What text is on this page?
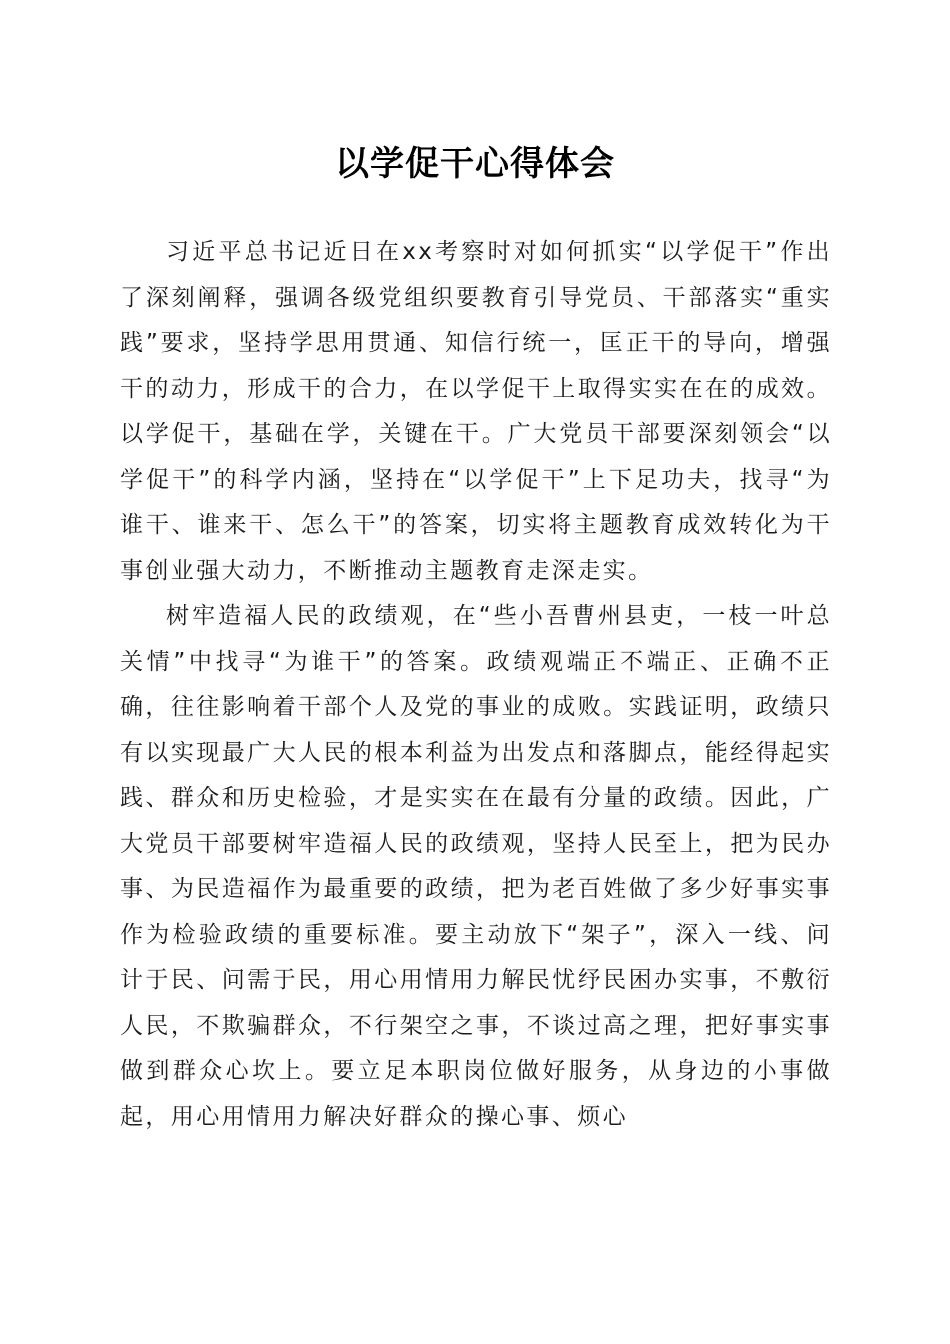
以学促干心得体会

习近平总书记近日在xx考察时对如何抓实“以学促干”作出了深刻阐释，强调各级党组织要教育引导党员、干部落实“重实践”要求，坚持学思用贯通、知信行统一，匡正干的导向，增强干的动力，形成干的合力，在以学促干上取得实实在在的成效。以学促干，基础在学，关键在干。广大党员干部要深刻领会“以学促干”的科学内涵，坚持在“以学促干”上下足功夫，找寻“为谁干、谁来干、怎么干”的答案，切实将主题教育成效转化为干事创业强大动力，不断推动主题教育走深走实。

树牢造福人民的政绩观，在“些小吾曹州县吏，一枝一叶总关情”中找寻“为谁干”的答案。政绩观端正不端正、正确不正确，往往影响着干部个人及党的事业的成败。实践证明，政绩只有以实现最广大人民的根本利益为出发点和落脚点，能经得起实践、群众和历史检验，才是实实在在最有分量的政绩。因此，广大党员干部要树牢造福人民的政绩观，坚持人民至上，把为民办事、为民造福作为最重要的政绩，把为老百姓做了多少好事实事作为检验政绩的重要标准。要主动放下“架子”，深入一线、问计于民、问需于民，用心用情用力解民忧纾民困办实事，不敷衍人民，不欺骗群众，不行架空之事，不谈过高之理，把好事实事做到群众心坎上。要立足本职岗位做好服务，从身边的小事做起，用心用情用力解决好群众的操心事、烦心
